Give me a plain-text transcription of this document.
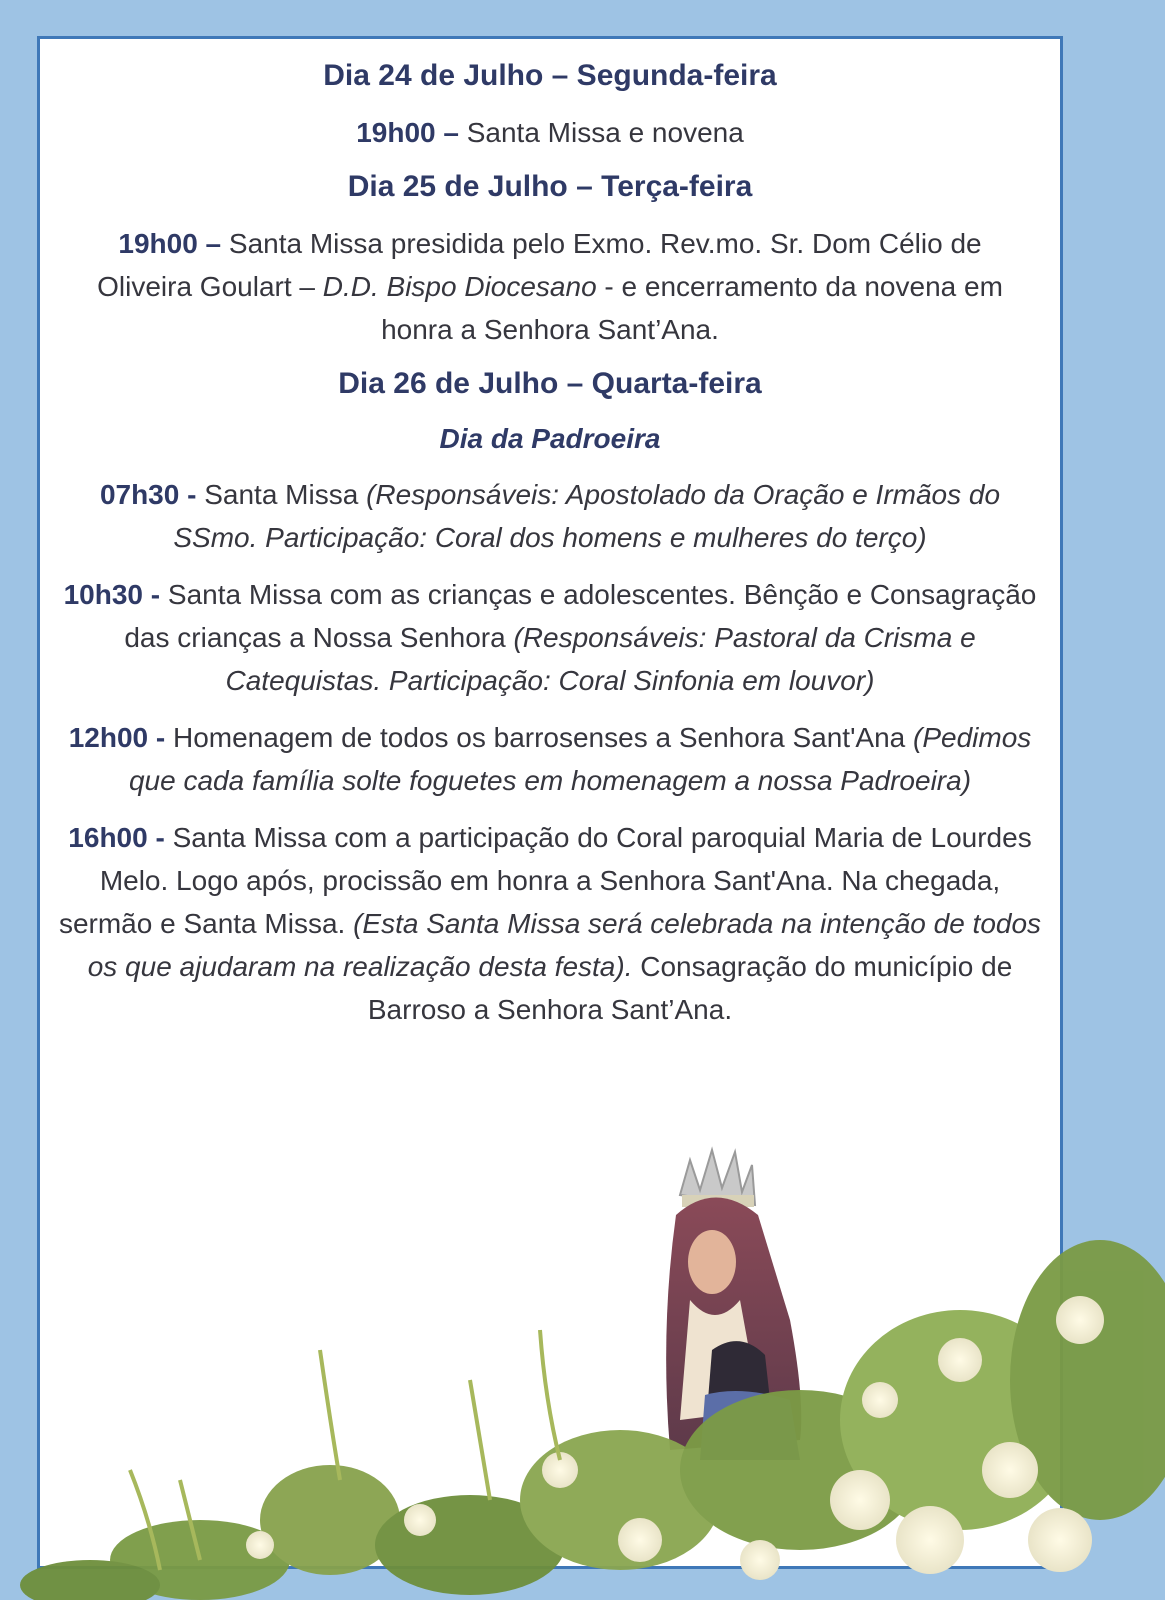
Dia 24 de Julho – Segunda-feira

19h00 – Santa Missa e novena

Dia 25 de Julho – Terça-feira

19h00 – Santa Missa presidida pelo Exmo. Rev.mo. Sr. Dom Célio de Oliveira Goulart – D.D. Bispo Diocesano - e encerramento da novena em honra a Senhora Sant’Ana.

Dia 26 de Julho – Quarta-feira
Dia da Padroeira

07h30 - Santa Missa (Responsáveis: Apostolado da Oração e Irmãos do SSmo. Participação: Coral dos homens e mulheres do terço)

10h30 - Santa Missa com as crianças e adolescentes. Bênção e Consagração das crianças a Nossa Senhora (Responsáveis: Pastoral da Crisma e Catequistas. Participação: Coral Sinfonia em louvor)

12h00 - Homenagem de todos os barrosenses a Senhora Sant'Ana (Pedimos que cada família solte foguetes em homenagem a nossa Padroeira)

16h00 - Santa Missa com a participação do Coral paroquial Maria de Lourdes Melo. Logo após, procissão em honra a Senhora Sant'Ana. Na chegada, sermão e Santa Missa. (Esta Santa Missa será celebrada na intenção de todos os que ajudaram na realização desta festa). Consagração do município de Barroso a Senhora Sant’Ana.
